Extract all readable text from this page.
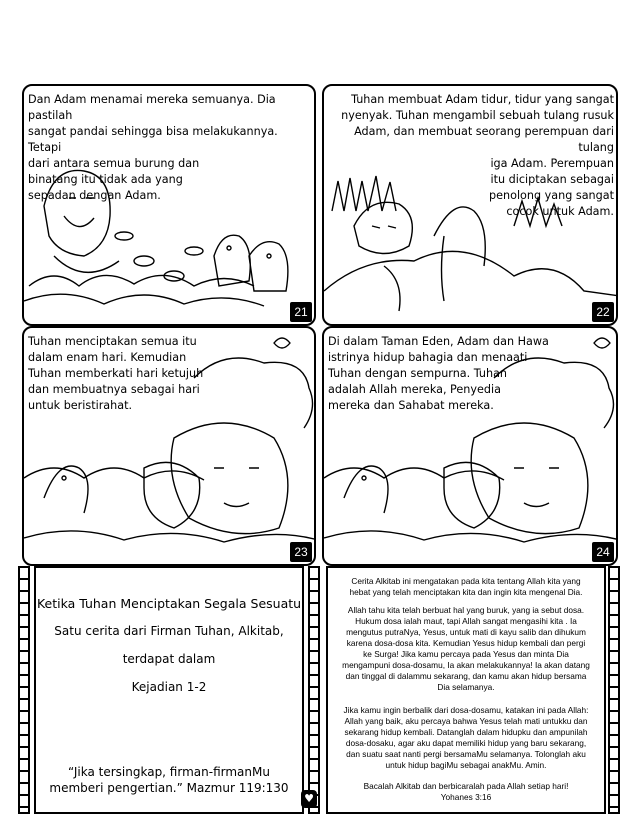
Dan Adam menamai mereka semuanya. Dia pastilah
sangat pandai sehingga bisa melakukannya. Tetapi
dari antara semua burung dan
binatang itu tidak ada yang
sepadan dengan Adam.
21
Tuhan membuat Adam tidur, tidur yang sangat
nyenyak. Tuhan mengambil sebuah tulang rusuk
Adam, dan membuat seorang perempuan dari tulang
iga Adam. Perempuan
itu diciptakan sebagai
penolong yang sangat
cocok untuk Adam.
22
Tuhan menciptakan semua itu
dalam enam hari. Kemudian
Tuhan memberkati hari ketujuh
dan membuatnya sebagai hari
untuk beristirahat.
23
Di dalam Taman Eden, Adam dan Hawa
istrinya hidup bahagia dan menaati
Tuhan dengan sempurna. Tuhan
adalah Allah mereka, Penyedia
mereka dan Sahabat mereka.
24
Ketika Tuhan Menciptakan Segala Sesuatu
Satu cerita dari Firman Tuhan, Alkitab,
terdapat dalam
Kejadian 1-2
“Jika tersingkap, firman-firmanMu
memberi pengertian.” Mazmur 119:130
♥
Cerita Alkitab ini mengatakan pada kita tentang Allah kita yang
hebat yang telah menciptakan kita dan ingin kita mengenal Dia.
Allah tahu kita telah berbuat hal yang buruk, yang ia sebut dosa.
Hukum dosa ialah maut, tapi Allah sangat mengasihi kita . Ia
mengutus putraNya, Yesus, untuk mati di kayu salib dan dihukum
karena dosa-dosa kita. Kemudian Yesus hidup kembali dan pergi
ke Surga! Jika kamu percaya pada Yesus dan minta Dia
mengampuni dosa-dosamu, Ia akan melakukannya! Ia akan datang
dan tinggal di dalammu sekarang, dan kamu akan hidup bersama
Dia selamanya.
Jika kamu ingin berbalik dari dosa-dosamu, katakan ini pada Allah:
Allah yang baik, aku percaya bahwa Yesus telah mati untukku dan
sekarang hidup kembali. Datanglah dalam hidupku dan ampunilah
dosa-dosaku, agar aku dapat memiliki hidup yang baru sekarang,
dan suatu saat nanti pergi bersamaMu selamanya. Tolonglah aku
untuk hidup bagiMu sebagai anakMu. Amin.
Bacalah Alkitab dan berbicaralah pada Allah setiap hari!
Yohanes 3:16
